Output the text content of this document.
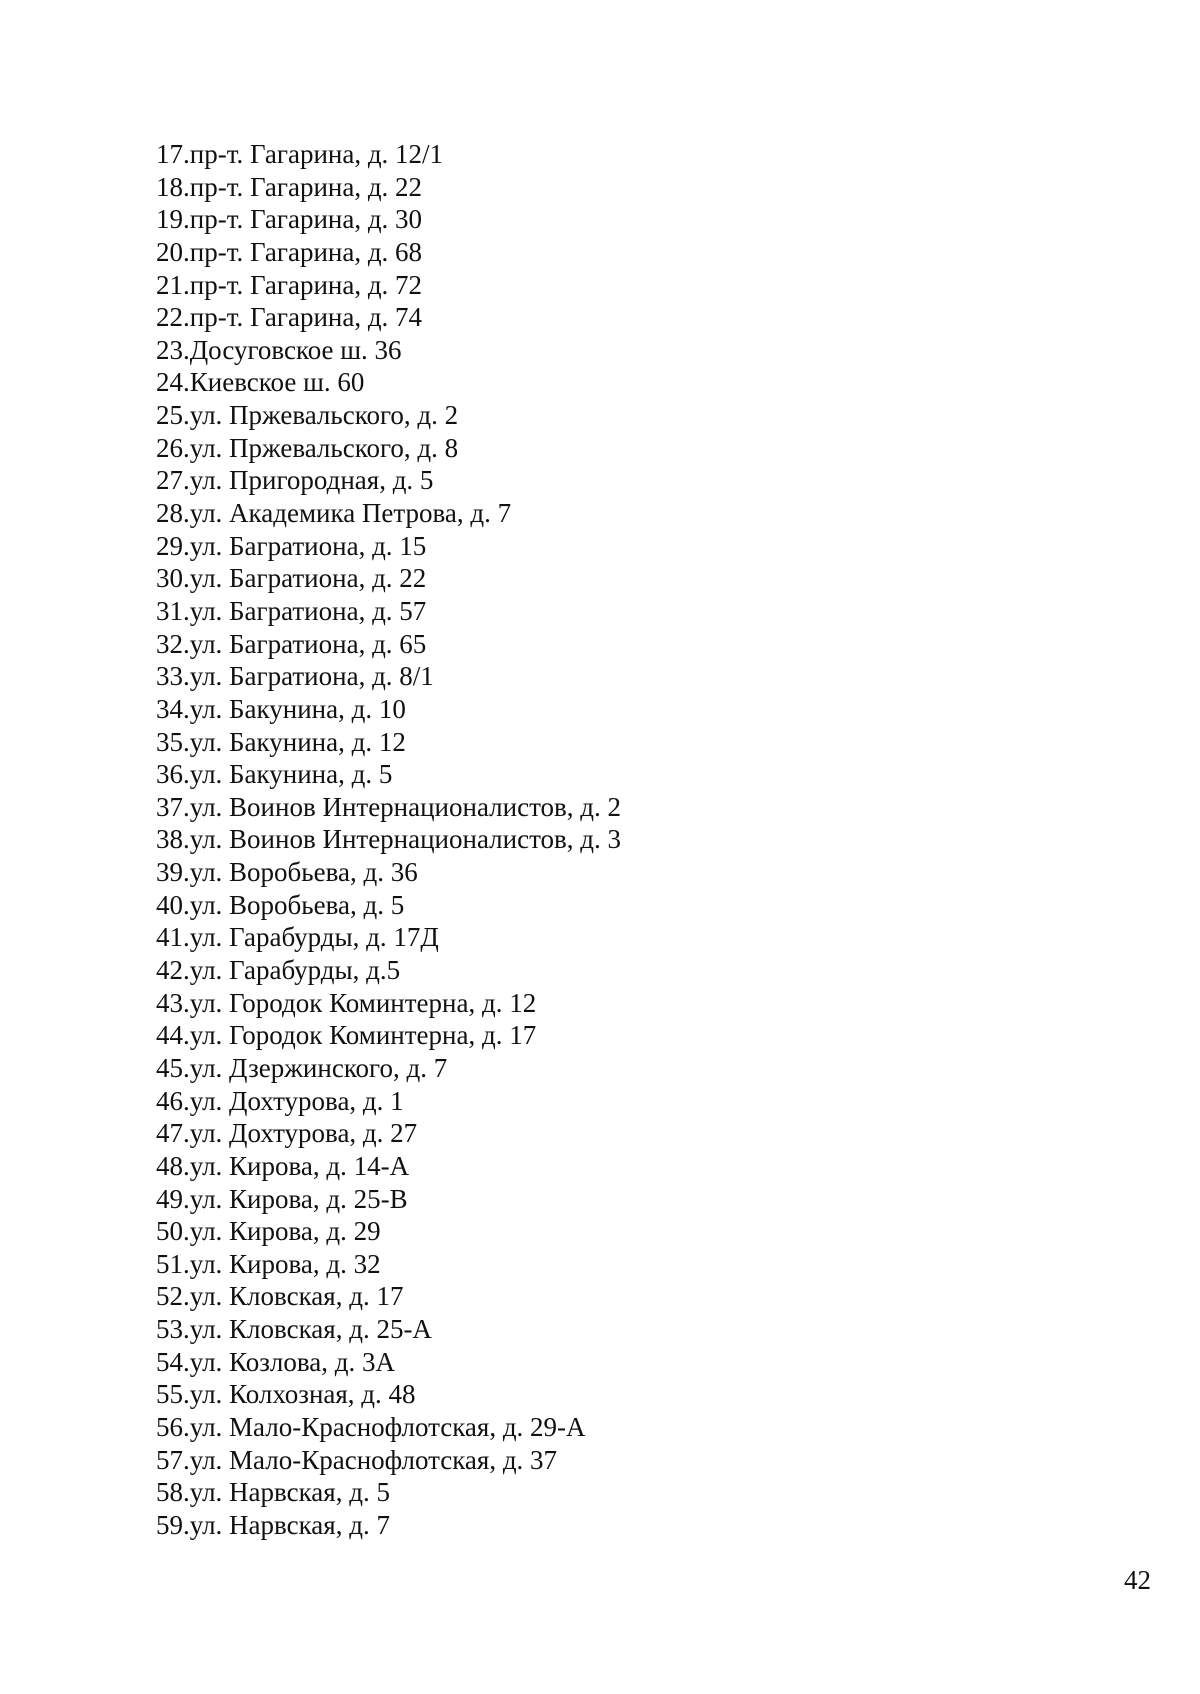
17. пр-т. Гагарина, д. 12/1
18. пр-т. Гагарина, д. 22
19. пр-т. Гагарина, д. 30
20. пр-т. Гагарина, д. 68
21. пр-т. Гагарина, д. 72
22. пр-т. Гагарина, д. 74
23. Досуговское ш. 36
24. Киевское ш. 60
25. ул. Пржевальского, д. 2
26. ул. Пржевальского, д. 8
27. ул. Пригородная, д. 5
28. ул. Академика Петрова, д. 7
29. ул. Багратиона, д. 15
30. ул. Багратиона, д. 22
31. ул. Багратиона, д. 57
32. ул. Багратиона, д. 65
33. ул. Багратиона, д. 8/1
34. ул. Бакунина, д. 10
35. ул. Бакунина, д. 12
36. ул. Бакунина, д. 5
37. ул. Воинов Интернационалистов, д. 2
38. ул. Воинов Интернационалистов, д. 3
39. ул. Воробьева, д. 36
40. ул. Воробьева, д. 5
41. ул. Гарабурды, д. 17Д
42. ул. Гарабурды, д.5
43. ул. Городок Коминтерна, д. 12
44. ул. Городок Коминтерна, д. 17
45. ул. Дзержинского, д. 7
46. ул. Дохтурова, д. 1
47. ул. Дохтурова, д. 27
48. ул. Кирова, д. 14-А
49. ул. Кирова, д. 25-В
50. ул. Кирова, д. 29
51. ул. Кирова, д. 32
52. ул. Кловская, д. 17
53. ул. Кловская, д. 25-А
54. ул. Козлова, д. 3А
55. ул. Колхозная, д. 48
56. ул. Мало-Краснофлотская, д. 29-А
57. ул. Мало-Краснофлотская, д. 37
58. ул. Нарвская, д. 5
59. ул. Нарвская, д. 7
42
